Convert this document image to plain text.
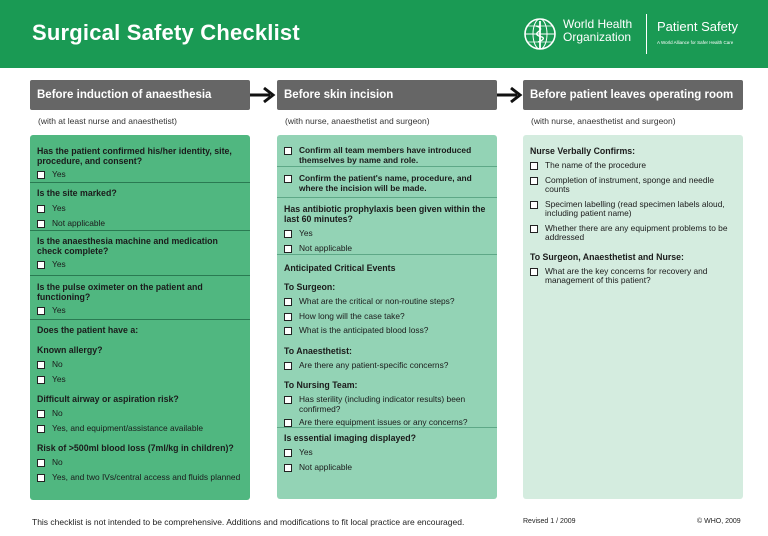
Surgical Safety Checklist	World Health
Organization
Patient Safety
A World Alliance for Safer Health Care
Before induction of anaesthesia	Before skin incision	Before patient leaves operating room
(with at least nurse and anaesthetist)	(with nurse, anaesthetist and surgeon)	(with nurse, anaesthetist and surgeon)
Has the patient confirmed his/her identity, site, procedure, and consent?
Yes
Is the site marked?
Yes
Not applicable
Is the anaesthesia machine and medication check complete?
Yes
Is the pulse oximeter on the patient and functioning?
Yes
Does the patient have a:
Known allergy?
No
Yes
Difficult airway or aspiration risk?
No
Yes, and equipment/assistance available
Risk of >500ml blood loss (7ml/kg in children)?
No
Yes, and two IVs/central access and fluids planned
Confirm all team members have introduced themselves by name and role.
Confirm the patient's name, procedure, and where the incision will be made.
Has antibiotic prophylaxis been given within the last 60 minutes?
Yes
Not applicable
Anticipated Critical Events
To Surgeon:
What are the critical or non-routine steps?
How long will the case take?
What is the anticipated blood loss?
To Anaesthetist:
Are there any patient-specific concerns?
To Nursing Team:
Has sterility (including indicator results) been confirmed?
Are there equipment issues or any concerns?
Is essential imaging displayed?
Yes
Not applicable
Nurse Verbally Confirms:
The name of the procedure
Completion of instrument, sponge and needle counts
Specimen labelling (read specimen labels aloud, including patient name)
Whether there are any equipment problems to be addressed
To Surgeon, Anaesthetist and Nurse:
What are the key concerns for recovery and management of this patient?
This checklist is not intended to be comprehensive. Additions and modifications to fit local practice are encouraged.	Revised 1 / 2009	© WHO, 2009
